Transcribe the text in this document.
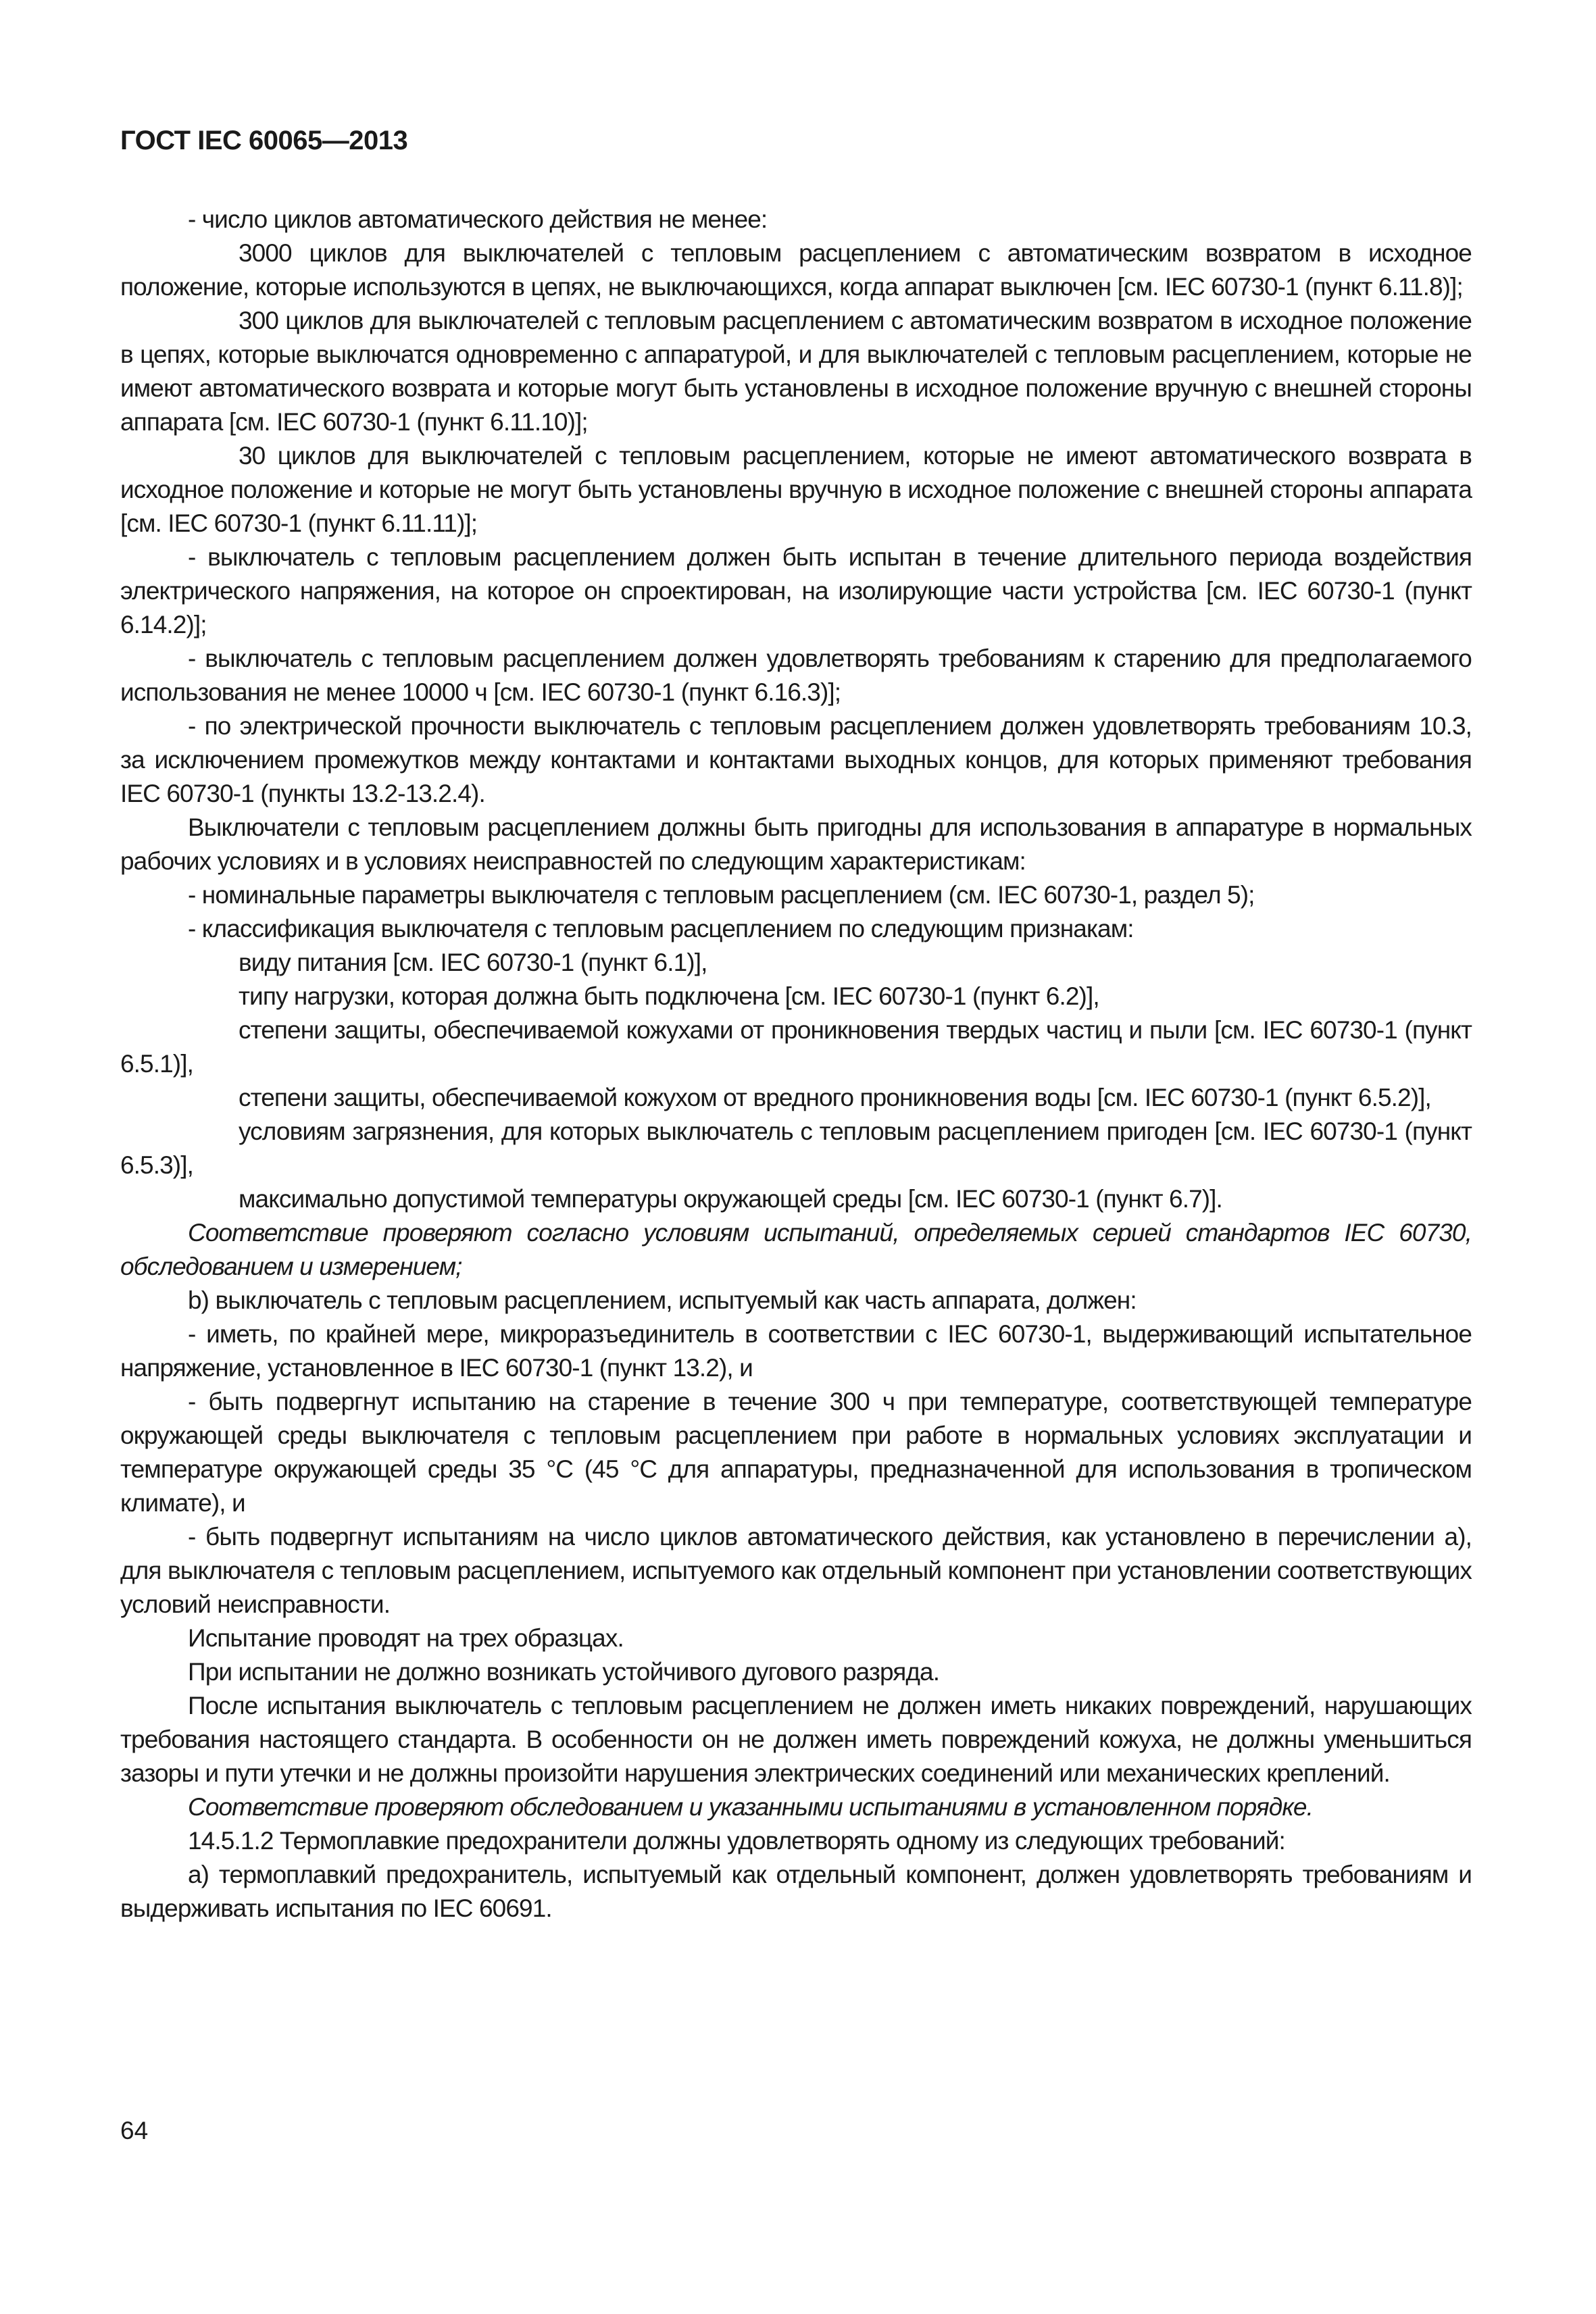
ГОСТ IEC 60065—2013

- число циклов автоматического действия не менее:

3000 циклов для выключателей с тепловым расцеплением с автоматическим возвратом в исходное положение, которые используются в цепях, не выключающихся, когда аппарат выключен [см. IEC 60730-1 (пункт 6.11.8)];

300 циклов для выключателей с тепловым расцеплением с автоматическим возвратом в исходное положение в цепях, которые выключатся одновременно с аппаратурой, и для выключателей с тепловым расцеплением, которые не имеют автоматического возврата и которые могут быть установлены в исходное положение вручную с внешней стороны аппарата [см. IEC 60730-1 (пункт 6.11.10)];

30 циклов для выключателей с тепловым расцеплением, которые не имеют автоматического возврата в исходное положение и которые не могут быть установлены вручную в исходное положение с внешней стороны аппарата [см. IEC 60730-1 (пункт 6.11.11)];

- выключатель с тепловым расцеплением должен быть испытан в течение длительного периода воздействия электрического напряжения, на которое он спроектирован, на изолирующие части устройства [см. IEC 60730-1 (пункт 6.14.2)];

- выключатель с тепловым расцеплением должен удовлетворять требованиям к старению для предполагаемого использования не менее 10000 ч [см. IEC 60730-1 (пункт 6.16.3)];

- по электрической прочности выключатель с тепловым расцеплением должен удовлетворять требованиям 10.3, за исключением промежутков между контактами и контактами выходных концов, для которых применяют требования IEC 60730-1 (пункты 13.2-13.2.4).

Выключатели с тепловым расцеплением должны быть пригодны для использования в аппаратуре в нормальных рабочих условиях и в условиях неисправностей по следующим характеристикам:

- номинальные параметры выключателя с тепловым расцеплением (см. IEC 60730-1, раздел 5);

- классификация выключателя с тепловым расцеплением по следующим признакам:

виду питания [см. IEC 60730-1 (пункт 6.1)],

типу нагрузки, которая должна быть подключена [см. IEC 60730-1 (пункт 6.2)],

степени защиты, обеспечиваемой кожухами от проникновения твердых частиц и пыли [см. IEC 60730-1 (пункт 6.5.1)],

степени защиты, обеспечиваемой кожухом от вредного проникновения воды [см. IEC 60730-1 (пункт 6.5.2)],

условиям загрязнения, для которых выключатель с тепловым расцеплением пригоден [см. IEC 60730-1 (пункт 6.5.3)],

максимально допустимой температуры окружающей среды [см. IEC 60730-1 (пункт 6.7)].

Соответствие проверяют согласно условиям испытаний, определяемых серией стандартов IEC 60730, обследованием и измерением;

b) выключатель с тепловым расцеплением, испытуемый как часть аппарата, должен:

- иметь, по крайней мере, микроразъединитель в соответствии с IEC 60730-1, выдерживающий испытательное напряжение, установленное в IEC 60730-1 (пункт 13.2), и

- быть подвергнут испытанию на старение в течение 300 ч при температуре, соответствующей температуре окружающей среды выключателя с тепловым расцеплением при работе в нормальных условиях эксплуатации и температуре окружающей среды 35 °C (45 °C для аппаратуры, предназначенной для использования в тропическом климате), и

- быть подвергнут испытаниям на число циклов автоматического действия, как установлено в перечислении а), для выключателя с тепловым расцеплением, испытуемого как отдельный компонент при установлении соответствующих условий неисправности.

Испытание проводят на трех образцах.

При испытании не должно возникать устойчивого дугового разряда.

После испытания выключатель с тепловым расцеплением не должен иметь никаких повреждений, нарушающих требования настоящего стандарта. В особенности он не должен иметь повреждений кожуха, не должны уменьшиться зазоры и пути утечки и не должны произойти нарушения электрических соединений или механических креплений.

Соответствие проверяют обследованием и указанными испытаниями в установленном порядке.

14.5.1.2 Термоплавкие предохранители должны удовлетворять одному из следующих требований:

а) термоплавкий предохранитель, испытуемый как отдельный компонент, должен удовлетворять требованиям и выдерживать испытания по IEC 60691.

64
